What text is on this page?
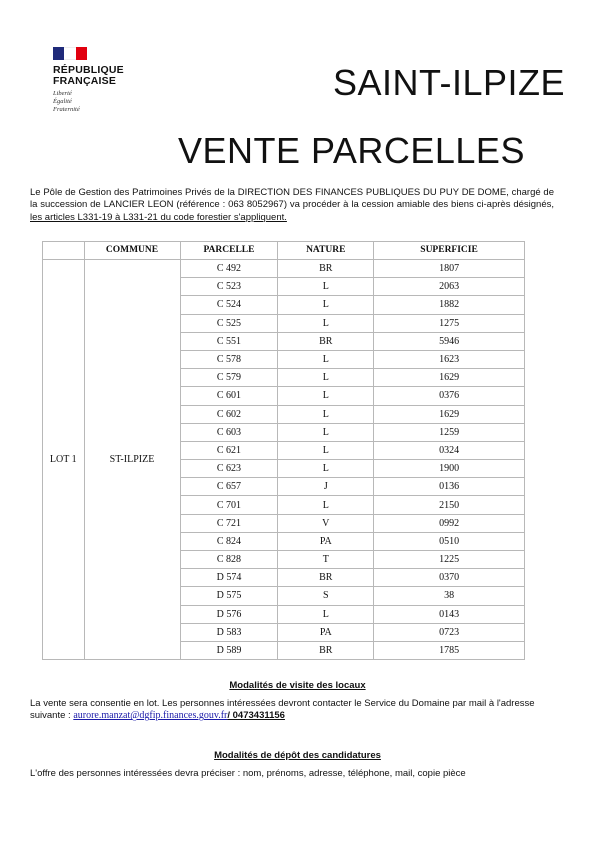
RÉPUBLIQUE
FRANÇAISE
Liberté
Égalité
Fraternité
SAINT-ILPIZE
VENTE PARCELLES
Le Pôle de Gestion des Patrimoines Privés de la DIRECTION DES FINANCES PUBLIQUES DU PUY DE DOME, chargé de la succession de LANCIER LEON (référence : 063 8052967) va procéder à la cession amiable des biens ci-après désignés, les articles L331-19 à L331-21 du code forestier s'appliquent.
	COMMUNE	PARCELLE	NATURE	SUPERFICIE
LOT 1	ST-ILPIZE	C 492	BR	1807
		C 523	L	2063
		C 524	L	1882
		C 525	L	1275
		C 551	BR	5946
		C 578	L	1623
		C 579	L	1629
		C 601	L	0376
		C 602	L	1629
		C 603	L	1259
		C 621	L	0324
		C 623	L	1900
		C 657	J	0136
		C 701	L	2150
		C 721	V	0992
		C 824	PA	0510
		C 828	T	1225
		D 574	BR	0370
		D 575	S	38
		D 576	L	0143
		D 583	PA	0723
		D 589	BR	1785
Modalités de visite des locaux
La vente sera consentie en lot. Les personnes intéressées devront contacter le Service du Domaine par mail à l'adresse suivante : aurore.manzat@dgfip.finances.gouv.fr/ 0473431156
Modalités de dépôt des candidatures
L'offre des personnes intéressées devra préciser : nom, prénoms, adresse, téléphone, mail, copie pièce
